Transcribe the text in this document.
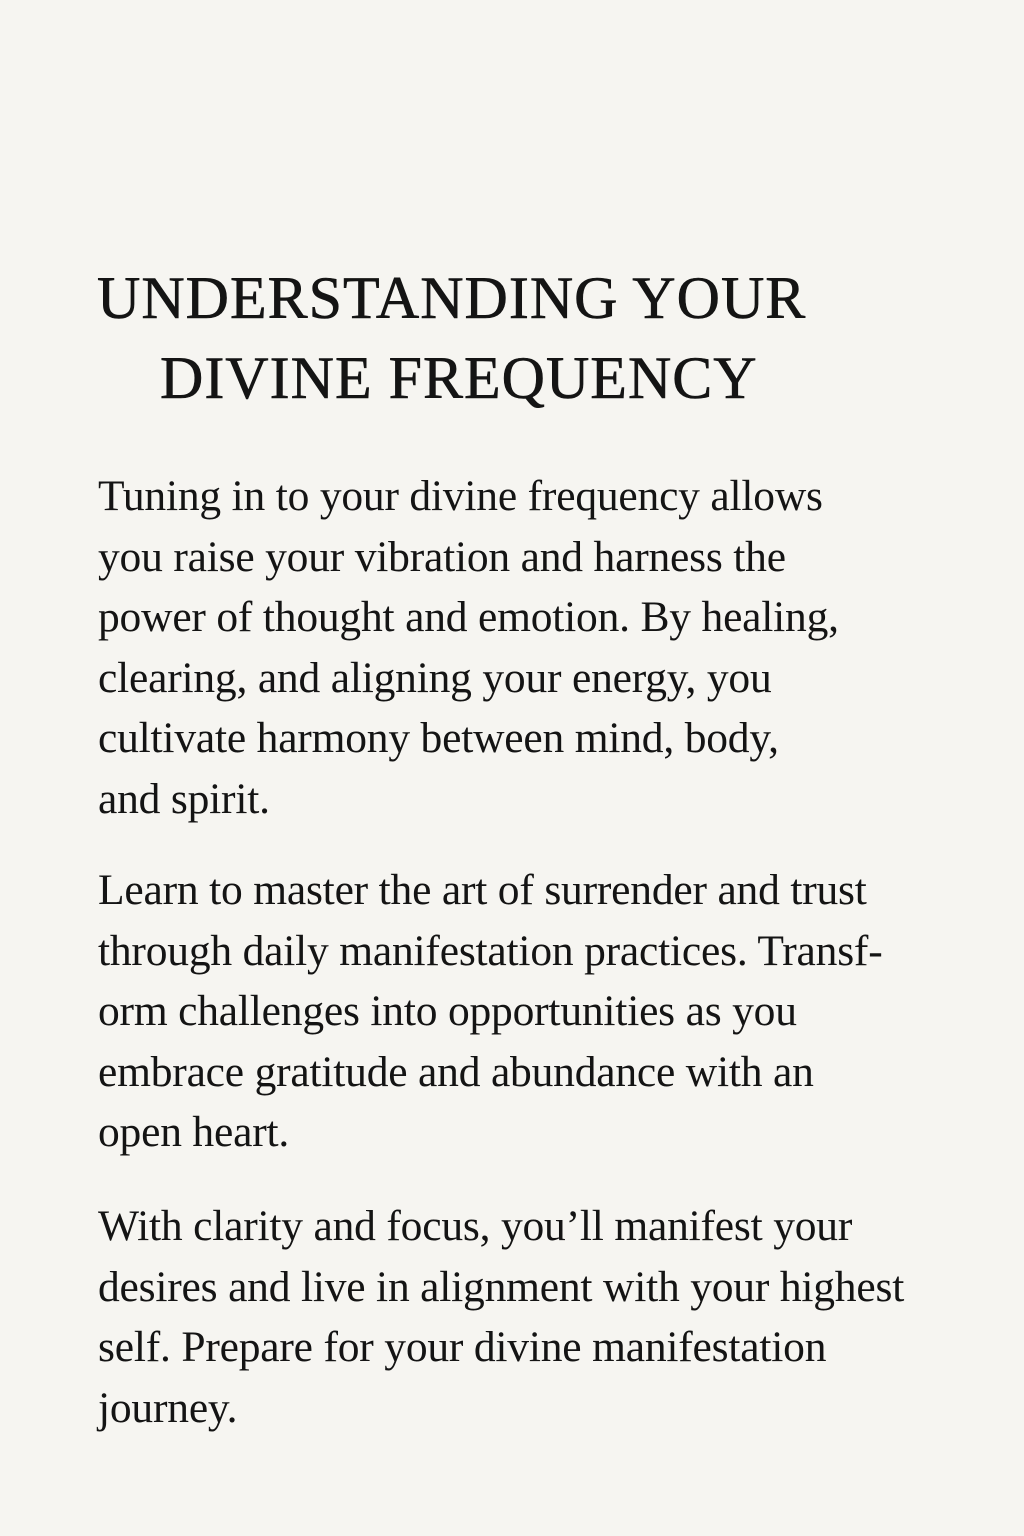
UNDERSTANDING YOUR
DIVINE FREQUENCY
Tuning in to your divine frequency allows
you raise your vibration and harness the
power of thought and emotion. By healing,
clearing, and aligning your energy, you
cultivate harmony between mind, body,
and spirit.
Learn to master the art of surrender and trust
through daily manifestation practices. Transf-
orm challenges into opportunities as you
embrace gratitude and abundance with an
open heart.
With clarity and focus, you’ll manifest your
desires and live in alignment with your highest
self. Prepare for your divine manifestation
journey.
